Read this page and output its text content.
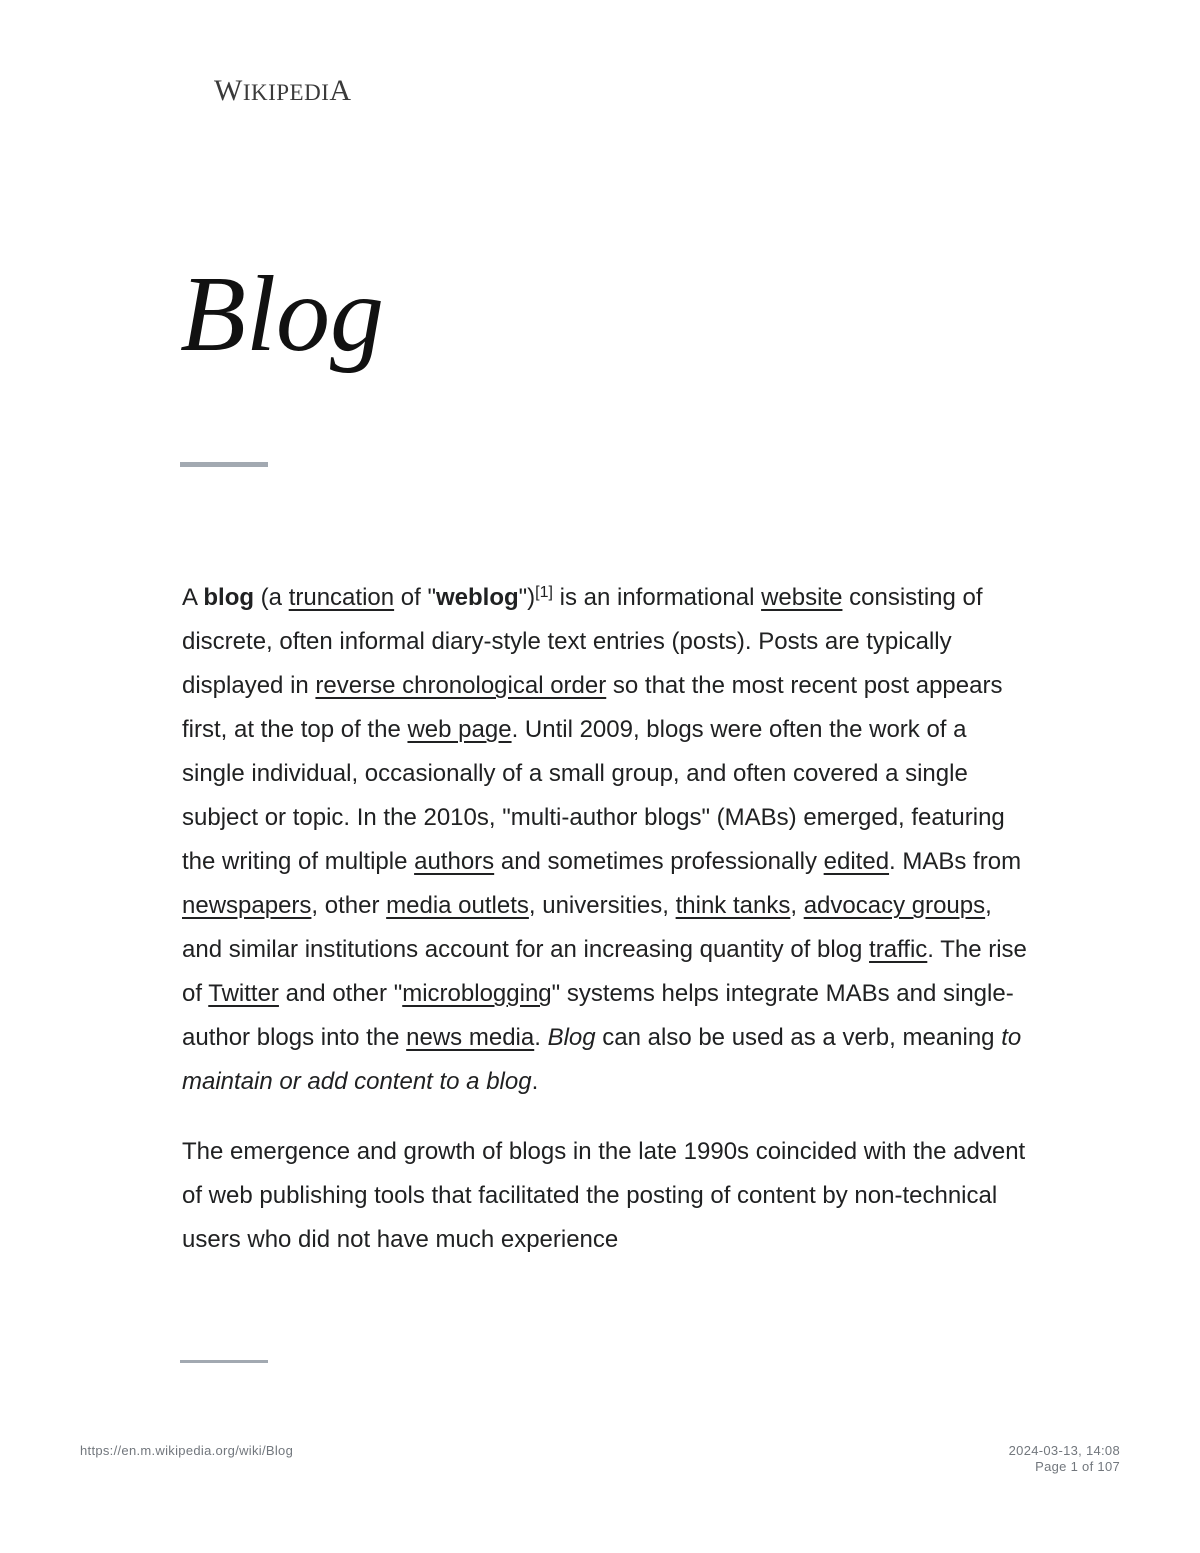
WIKIPEDIA
Blog

A blog (a truncation of "weblog")[1] is an informational website consisting of discrete, often informal diary-style text entries (posts). Posts are typically displayed in reverse chronological order so that the most recent post appears first, at the top of the web page. Until 2009, blogs were often the work of a single individual, occasionally of a small group, and often covered a single subject or topic. In the 2010s, "multi-author blogs" (MABs) emerged, featuring the writing of multiple authors and sometimes professionally edited. MABs from newspapers, other media outlets, universities, think tanks, advocacy groups, and similar institutions account for an increasing quantity of blog traffic. The rise of Twitter and other "microblogging" systems helps integrate MABs and single-author blogs into the news media. Blog can also be used as a verb, meaning to maintain or add content to a blog.

The emergence and growth of blogs in the late 1990s coincided with the advent of web publishing tools that facilitated the posting of content by non-technical users who did not have much experience

https://en.m.wikipedia.org/wiki/Blog	2024-03-13, 14:08
Page 1 of 107
